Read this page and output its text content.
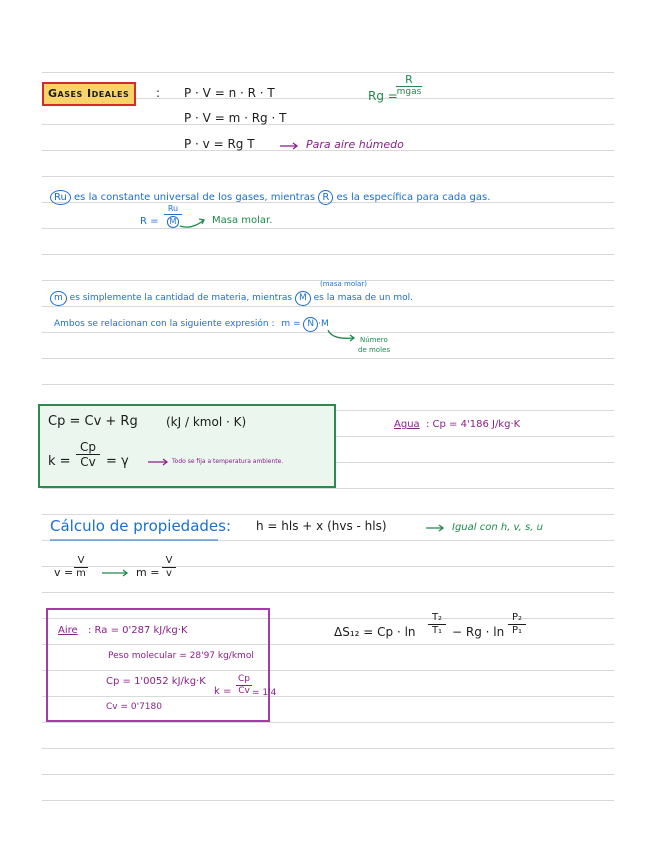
Gases Ideales : P · V = n · R · T
P · V = m · Rg · T
P · v = Rg T	Para aire húmedo
Rg =
R
mgas
Ru es la constante universal de los gases, mientras R es la específica para cada gas.
$R = \frac{Ru}{M}$	Masa molar.
(masa molar)
m es simplemente la cantidad de materia, mientras M es la masa de un mol.
Ambos se relacionan con la siguiente expresión : m = N ·M
Número
de moles
Cp = Cv + Rg (kJ / kmol · K)
k =
Cp
Cv = γ	Todo se fija a temperatura ambiente.
Agua : Cp = 4'186 J/kg·K
Cálculo de propiedades: h = hls + x (hvs - hls)	Igual con h, v, s, u
v =
V
m	m =
V
v
Aire : Ra = 0'287 kJ/kg·K
Peso molecular = 28'97 kg/kmol
Cp = 1'0052 kJ/kg·K
Cv = 0'7180
k =
Cp
Cv = 1'4
ΔS₁₂ = Cp · ln
T₂
T₁ − Rg · ln
P₂
P₁
